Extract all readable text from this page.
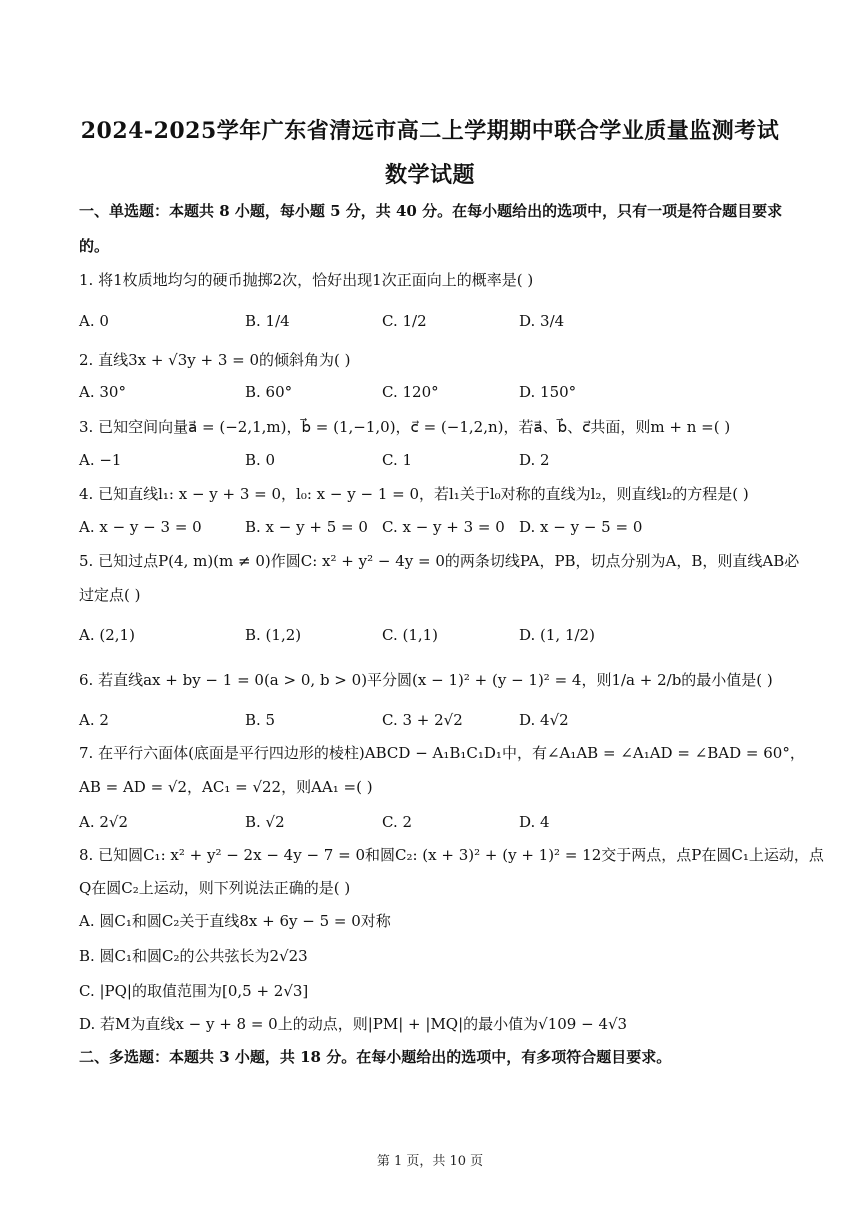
2024-2025学年广东省清远市高二上学期期中联合学业质量监测考试
数学试题
一、单选题：本题共 8 小题，每小题 5 分，共 40 分。在每小题给出的选项中，只有一项是符合题目要求
的。
1. 将1枚质地均匀的硬币抛掷2次，恰好出现1次正面向上的概率是( )
A. 0	B. 1/4	C. 1/2	D. 3/4
2. 直线3x + √3y + 3 = 0的倾斜角为( )
A. 30°	B. 60°	C. 120°	D. 150°
3. 已知空间向量a⃗ = (−2,1,m)，b⃗ = (1,−1,0)，c⃗ = (−1,2,n)，若a⃗、b⃗、c⃗共面，则m + n =( )
A. −1	B. 0	C. 1	D. 2
4. 已知直线l₁: x − y + 3 = 0，l₀: x − y − 1 = 0，若l₁关于l₀对称的直线为l₂，则直线l₂的方程是( )
A. x − y − 3 = 0	B. x − y + 5 = 0 C. x − y + 3 = 0 D. x − y − 5 = 0
5. 已知过点P(4, m)(m ≠ 0)作圆C: x² + y² − 4y = 0的两条切线PA，PB，切点分别为A，B，则直线AB必
过定点( )
A. (2,1)	B. (1,2)	C. (1,1)	D. (1, 1/2)
6. 若直线ax + by − 1 = 0(a > 0, b > 0)平分圆(x − 1)² + (y − 1)² = 4，则1/a + 2/b的最小值是( )
A. 2	B. 5	C. 3 + 2√2	D. 4√2
7. 在平行六面体(底面是平行四边形的棱柱)ABCD − A₁B₁C₁D₁中，有∠A₁AB = ∠A₁AD = ∠BAD = 60°，
AB = AD = √2，AC₁ = √22，则AA₁ =( )
A. 2√2	B. √2	C. 2	D. 4
8. 已知圆C₁: x² + y² − 2x − 4y − 7 = 0和圆C₂: (x + 3)² + (y + 1)² = 12交于两点，点P在圆C₁上运动，点
Q在圆C₂上运动，则下列说法正确的是( )
A. 圆C₁和圆C₂关于直线8x + 6y − 5 = 0对称
B. 圆C₁和圆C₂的公共弦长为2√23
C. |PQ|的取值范围为[0,5 + 2√3]
D. 若M为直线x − y + 8 = 0上的动点，则|PM| + |MQ|的最小值为√109 − 4√3
二、多选题：本题共 3 小题，共 18 分。在每小题给出的选项中，有多项符合题目要求。
第 1 页，共 10 页
